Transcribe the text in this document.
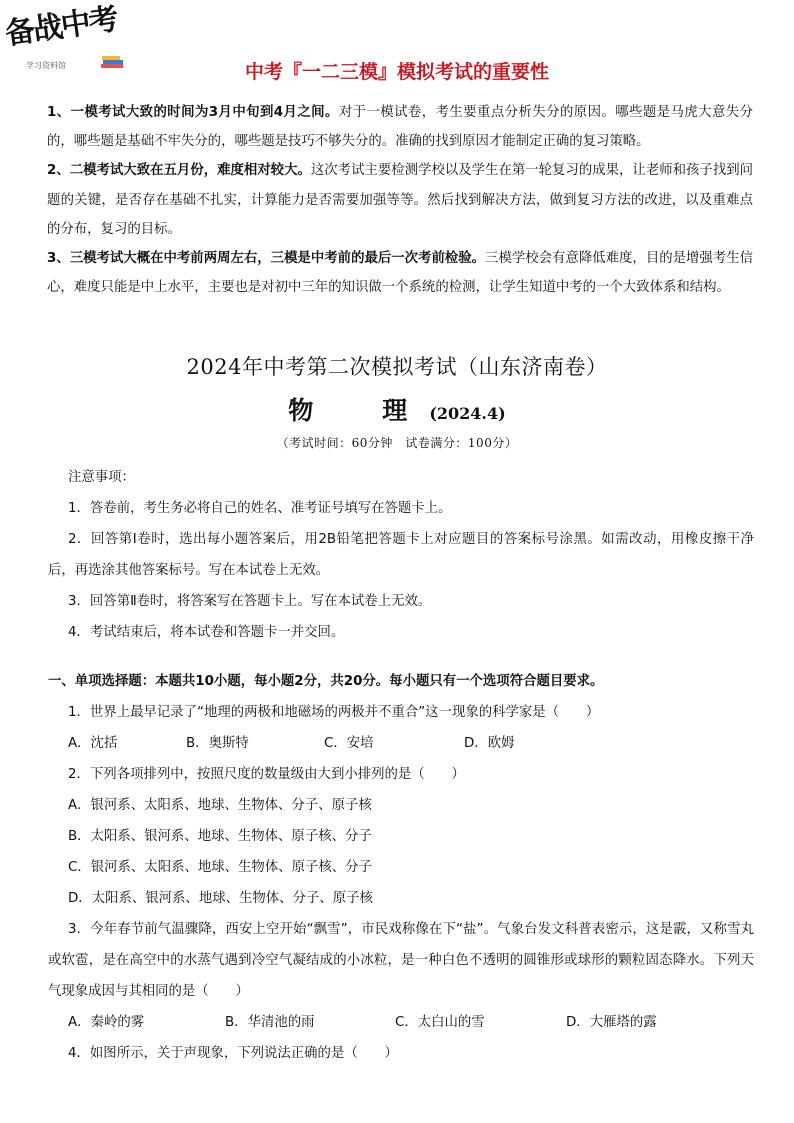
备战中考
学习资料馆	中考『一二三模』模拟考试的重要性

1、一模考试大致的时间为3月中旬到4月之间。对于一模试卷，考生要重点分析失分的原因。哪些题是马虎大意失分的，哪些题是基础不牢失分的，哪些题是技巧不够失分的。准确的找到原因才能制定正确的复习策略。

2、二模考试大致在五月份，难度相对较大。这次考试主要检测学校以及学生在第一轮复习的成果，让老师和孩子找到问题的关键，是否存在基础不扎实，计算能力是否需要加强等等。然后找到解决方法，做到复习方法的改进，以及重难点的分布，复习的目标。

3、三模考试大概在中考前两周左右，三模是中考前的最后一次考前检验。三模学校会有意降低难度，目的是增强考生信心，难度只能是中上水平，主要也是对初中三年的知识做一个系统的检测，让学生知道中考的一个大致体系和结构。

2024年中考第二次模拟考试（山东济南卷）
物　理(2024.4)
（考试时间：60分钟　试卷满分：100分）

注意事项：

1．答卷前，考生务必将自己的姓名、准考证号填写在答题卡上。

2．回答第Ⅰ卷时，选出每小题答案后，用2B铅笔把答题卡上对应题目的答案标号涂黑。如需改动，用橡皮擦干净后，再选涂其他答案标号。写在本试卷上无效。

3．回答第Ⅱ卷时，将答案写在答题卡上。写在本试卷上无效。

4．考试结束后，将本试卷和答题卡一并交回。

一、单项选择题：本题共10小题，每小题2分，共20分。每小题只有一个选项符合题目要求。

1．世界上最早记录了“地理的两极和地磁场的两极并不重合”这一现象的科学家是（　　）

A．沈括	B．奥斯特	C．安培	D．欧姆

2．下列各项排列中，按照尺度的数量级由大到小排列的是（　　）

A．银河系、太阳系、地球、生物体、分子、原子核

B．太阳系、银河系、地球、生物体、原子核、分子

C．银河系、太阳系、地球、生物体、原子核、分子

D．太阳系、银河系、地球、生物体、分子、原子核

3．今年春节前气温骤降，西安上空开始“飘雪”，市民戏称像在下“盐”。气象台发文科普表密示，这是霰，又称雪丸或软雹，是在高空中的水蒸气遇到冷空气凝结成的小冰粒，是一种白色不透明的圆锥形或球形的颗粒固态降水。下列天气现象成因与其相同的是（　　）

A．秦岭的雾	B．华清池的雨	C．太白山的雪	D．大雁塔的露

4．如图所示，关于声现象，下列说法正确的是（　　）
